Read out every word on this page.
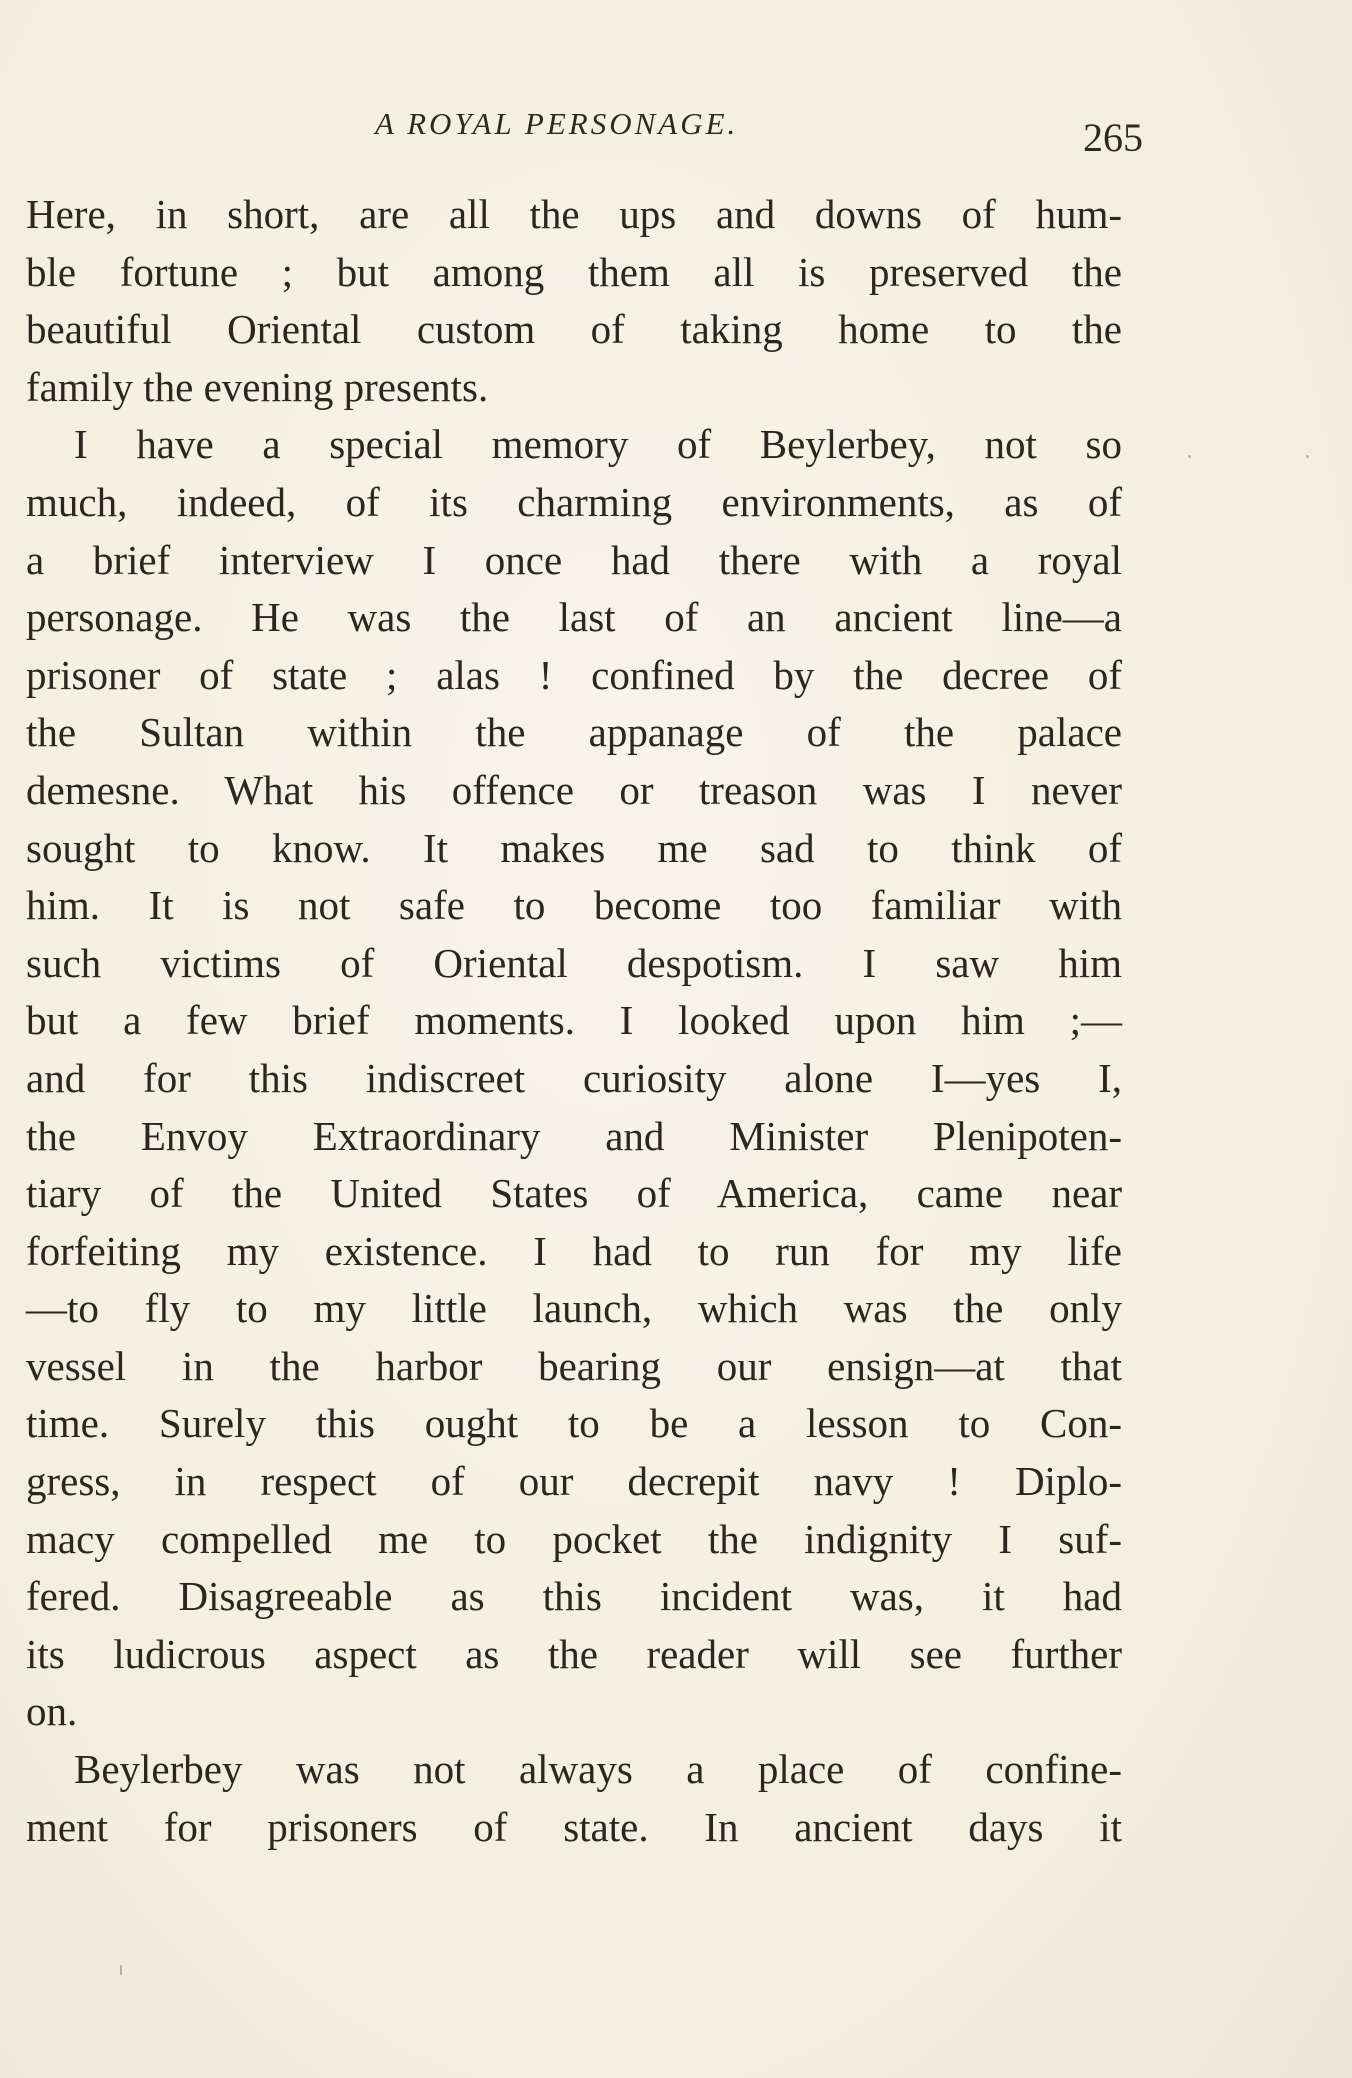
A ROYAL PERSONAGE.	265
Here, in short, are all the ups and downs of hum-
ble fortune ; but among them all is preserved the
beautiful Oriental custom of taking home to the
family the evening presents.
I have a special memory of Beylerbey, not so
much, indeed, of its charming environments, as of
a brief interview I once had there with a royal
personage. He was the last of an ancient line—a
prisoner of state ; alas ! confined by the decree of
the Sultan within the appanage of the palace
demesne. What his offence or treason was I never
sought to know. It makes me sad to think of
him. It is not safe to become too familiar with
such victims of Oriental despotism. I saw him
but a few brief moments. I looked upon him ;—
and for this indiscreet curiosity alone I—yes I,
the Envoy Extraordinary and Minister Plenipoten-
tiary of the United States of America, came near
forfeiting my existence. I had to run for my life
—to fly to my little launch, which was the only
vessel in the harbor bearing our ensign—at that
time. Surely this ought to be a lesson to Con-
gress, in respect of our decrepit navy ! Diplo-
macy compelled me to pocket the indignity I suf-
fered. Disagreeable as this incident was, it had
its ludicrous aspect as the reader will see further
on.
Beylerbey was not always a place of confine-
ment for prisoners of state. In ancient days it
